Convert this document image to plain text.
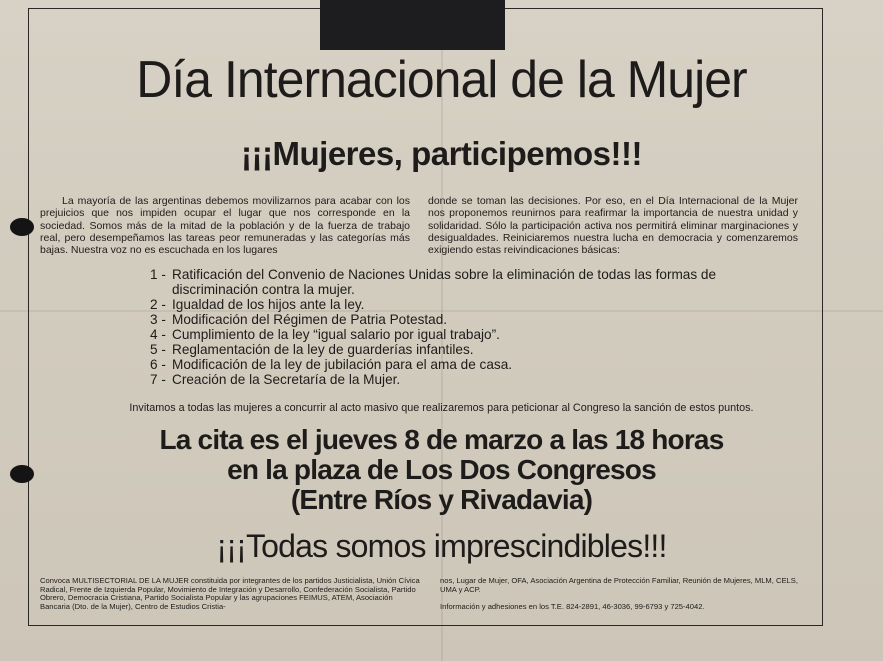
Día Internacional de la Mujer
¡¡¡Mujeres, participemos!!!
La mayoría de las argentinas debemos movilizarnos para acabar con los prejuicios que nos impiden ocupar el lugar que nos corresponde en la sociedad. Somos más de la mitad de la población y de la fuerza de trabajo real, pero desempeñamos las tareas peor remuneradas y las categorías más bajas. Nuestra voz no es escuchada en los lugares
donde se toman las decisiones. Por eso, en el Día Internacional de la Mujer nos proponemos reunirnos para reafirmar la importancia de nuestra unidad y solidaridad. Sólo la participación activa nos permitirá eliminar marginaciones y desigualdades. Reiniciaremos nuestra lucha en democracia y comenzaremos exigiendo estas reivindicaciones básicas:
1 - Ratificación del Convenio de Naciones Unidas sobre la eliminación de todas las formas de discriminación contra la mujer.
2 - Igualdad de los hijos ante la ley.
3 - Modificación del Régimen de Patria Potestad.
4 - Cumplimiento de la ley “igual salario por igual trabajo”.
5 - Reglamentación de la ley de guarderías infantiles.
6 - Modificación de la ley de jubilación para el ama de casa.
7 - Creación de la Secretaría de la Mujer.
Invitamos a todas las mujeres a concurrir al acto masivo que realizaremos para peticionar al Congreso la sanción de estos puntos.
La cita es el jueves 8 de marzo a las 18 horas
en la plaza de Los Dos Congresos
(Entre Ríos y Rivadavia)
¡¡¡Todas somos imprescindibles!!!
Convoca MULTISECTORIAL DE LA MUJER constituida por integrantes de los partidos Justicialista, Unión Cívica Radical, Frente de Izquierda Popular, Movimiento de Integración y Desarrollo, Confederación Socialista, Partido Obrero, Democracia Cristiana, Partido Socialista Popular y las agrupaciones FEIMUS, ATEM, Asociación Bancaria (Dto. de la Mujer), Centro de Estudios Cristia-
nos, Lugar de Mujer, OFA, Asociación Argentina de Protección Familiar, Reunión de Mujeres, MLM, CELS, UMA y ACP.
Información y adhesiones en los T.E. 824-2891, 46-3036, 99-6793 y 725-4042.
